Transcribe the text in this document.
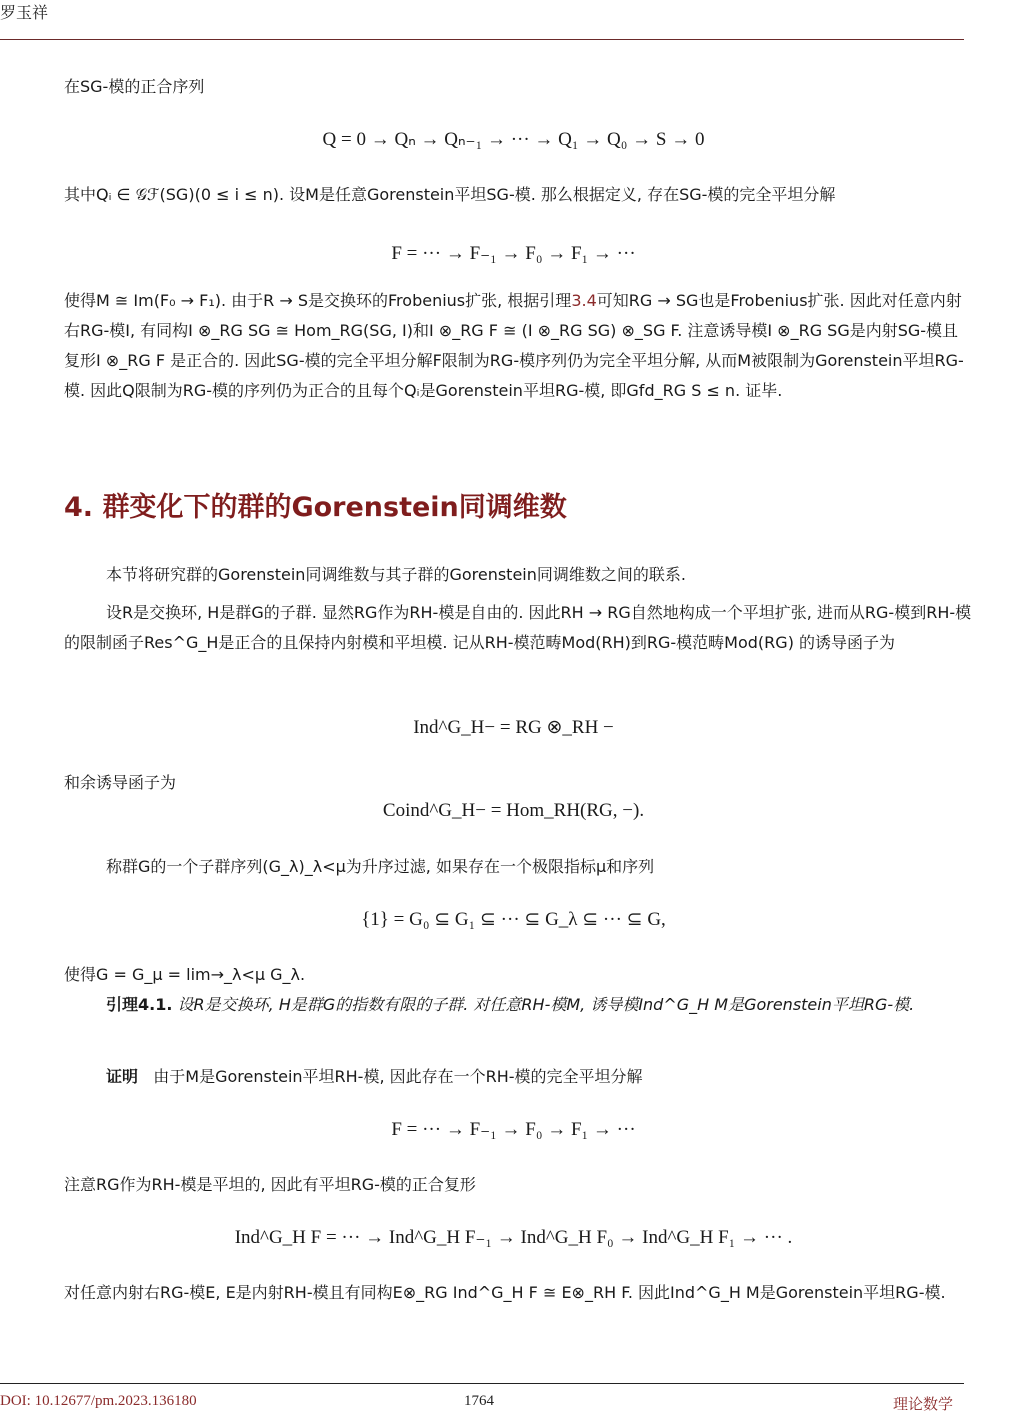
罗玉祥
在SG-模的正合序列
Q = 0 → Qₙ → Qₙ₋₁ → ··· → Q₁ → Q₀ → S → 0
其中Qᵢ ∈ 𝒢ℱ(SG)(0 ≤ i ≤ n). 设M是任意Gorenstein平坦SG-模. 那么根据定义, 存在SG-模的完全平坦分解
F = ··· → F₋₁ → F₀ → F₁ → ···
使得M ≅ Im(F₀ → F₁). 由于R → S是交换环的Frobenius扩张, 根据引理3.4可知RG → SG也是Frobenius扩张. 因此对任意内射右RG-模I, 有同构I ⊗_RG SG ≅ Hom_RG(SG, I)和I ⊗_RG F ≅ (I ⊗_RG SG) ⊗_SG F. 注意诱导模I ⊗_RG SG是内射SG-模且复形I ⊗_RG F 是正合的. 因此SG-模的完全平坦分解F限制为RG-模序列仍为完全平坦分解, 从而M被限制为Gorenstein平坦RG-模. 因此Q限制为RG-模的序列仍为正合的且每个Qᵢ是Gorenstein平坦RG-模, 即Gfd_RG S ≤ n. 证毕.
4. 群变化下的群的Gorenstein同调维数
本节将研究群的Gorenstein同调维数与其子群的Gorenstein同调维数之间的联系.
设R是交换环, H是群G的子群. 显然RG作为RH-模是自由的. 因此RH → RG自然地构成一个平坦扩张, 进而从RG-模到RH-模的限制函子Res^G_H是正合的且保持内射模和平坦模. 记从RH-模范畴Mod(RH)到RG-模范畴Mod(RG) 的诱导函子为
Ind^G_H− = RG ⊗_RH −
和余诱导函子为
Coind^G_H− = Hom_RH(RG, −).
称群G的一个子群序列(G_λ)_λ<μ为升序过滤, 如果存在一个极限指标μ和序列
{1} = G₀ ⊆ G₁ ⊆ ··· ⊆ G_λ ⊆ ··· ⊆ G,
使得G = G_μ = lim→_λ<μ G_λ.
引理4.1. 设R是交换环, H是群G的指数有限的子群. 对任意RH-模M, 诱导模Ind^G_H M是Gorenstein平坦RG-模.
证明 由于M是Gorenstein平坦RH-模, 因此存在一个RH-模的完全平坦分解
F = ··· → F₋₁ → F₀ → F₁ → ···
注意RG作为RH-模是平坦的, 因此有平坦RG-模的正合复形
Ind^G_H F = ··· → Ind^G_H F₋₁ → Ind^G_H F₀ → Ind^G_H F₁ → ··· .
对任意内射右RG-模E, E是内射RH-模且有同构E⊗_RG Ind^G_H F ≅ E⊗_RH F. 因此Ind^G_H M是Gorenstein平坦RG-模.
DOI: 10.12677/pm.2023.136180	1764	理论数学
